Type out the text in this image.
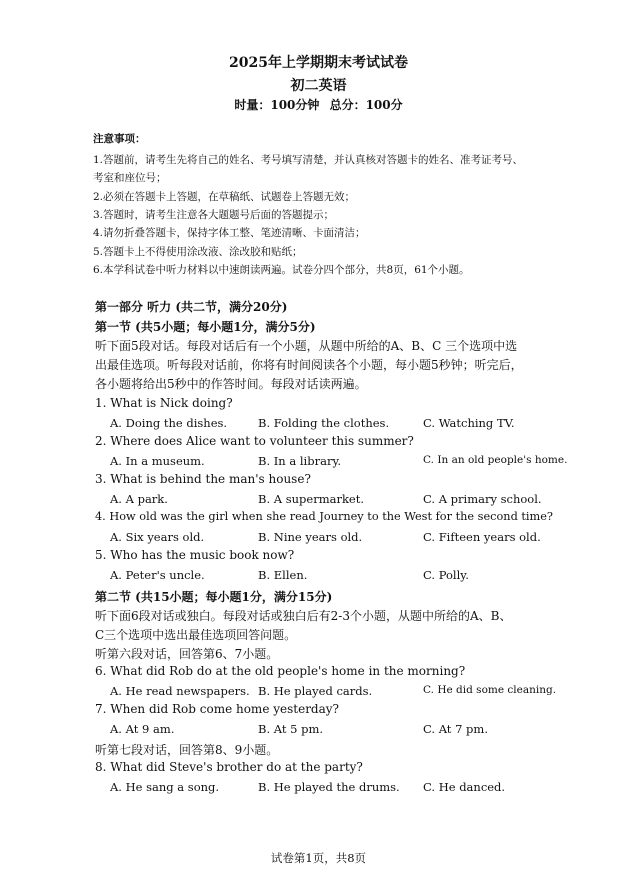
2025年上学期期末考试试卷
初二英语
时量：100分钟 总分：100分
注意事项：
1.答题前，请考生先将自己的姓名、考号填写清楚，并认真核对答题卡的姓名、准考证考号、
考室和座位号；
2.必须在答题卡上答题，在草稿纸、试题卷上答题无效；
3.答题时，请考生注意各大题题号后面的答题提示；
4.请勿折叠答题卡，保持字体工整、笔迹清晰、卡面清洁；
5.答题卡上不得使用涂改液、涂改胶和贴纸；
6.本学科试卷中听力材料以中速朗读两遍。试卷分四个部分，共8页，61个小题。
第一部分 听力 (共二节，满分20分)
第一节 (共5小题；每小题1分，满分5分)
听下面5段对话。每段对话后有一个小题，从题中所给的A、B、C 三个选项中选
出最佳选项。听每段对话前，你将有时间阅读各个小题，每小题5秒钟；听完后，
各小题将给出5秒中的作答时间。每段对话读两遍。
1. What is Nick doing?
A. Doing the dishes.	B. Folding the clothes.	C. Watching TV.
2. Where does Alice want to volunteer this summer?
A. In a museum.	B. In a library.	C. In an old people's home.
3. What is behind the man's house?
A. A park.	B. A supermarket.	C. A primary school.
4. How old was the girl when she read Journey to the West for the second time?
A. Six years old.	B. Nine years old.	C. Fifteen years old.
5. Who has the music book now?
A. Peter's uncle.	B. Ellen.	C. Polly.
第二节 (共15小题；每小题1分，满分15分)
听下面6段对话或独白。每段对话或独白后有2-3个小题，从题中所给的A、B、
C三个选项中选出最佳选项回答问题。
听第六段对话，回答第6、7小题。
6. What did Rob do at the old people's home in the morning?
A. He read newspapers. B. He played cards.	C. He did some cleaning.
7. When did Rob come home yesterday?
A. At 9 am.	B. At 5 pm.	C. At 7 pm.
听第七段对话，回答第8、9小题。
8. What did Steve's brother do at the party?
A. He sang a song.	B. He played the drums. C. He danced.
试卷第1页，共8页
